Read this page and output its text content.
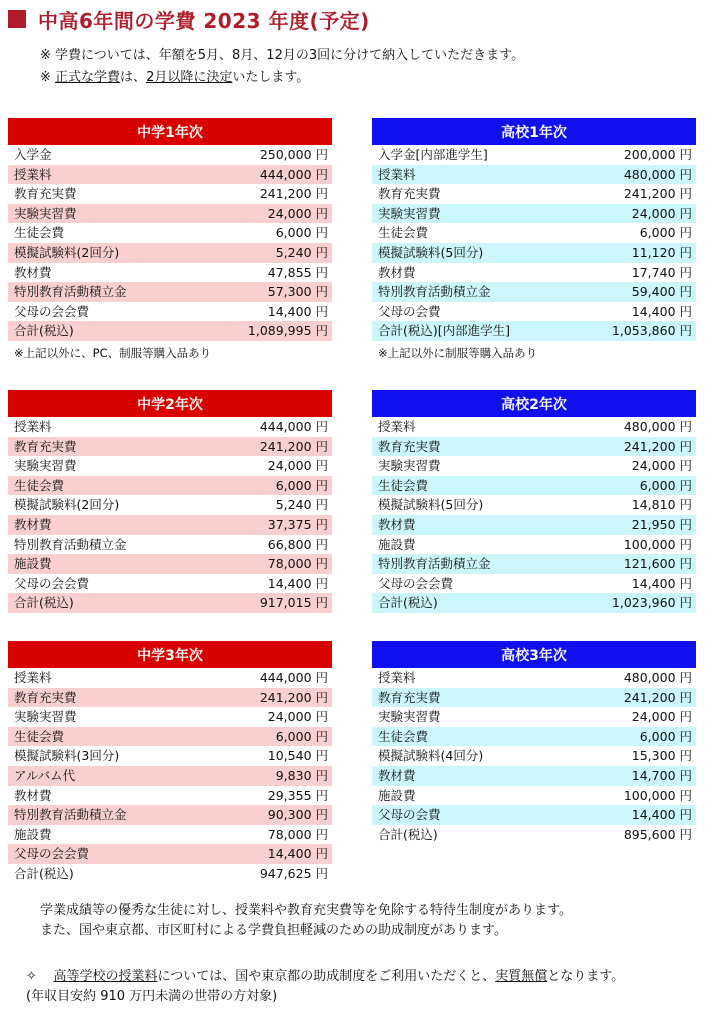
中高6年間の学費 2023 年度(予定)
※ 学費については、年額を5月、8月、12月の3回に分けて納入していただきます。
※ 正式な学費は、2月以降に決定いたします。
中学1年次	
入学金	250,000 円
授業料	444,000 円
教育充実費	241,200 円
実験実習費	24,000 円
生徒会費	6,000 円
模擬試験料(2回分)	5,240 円
教材費	47,855 円
特別教育活動積立金	57,300 円
父母の会会費	14,400 円
合計(税込)	1,089,995 円
※上記以外に、PC、制服等購入品あり
高校1年次	
入学金[内部進学生]	200,000 円
授業料	480,000 円
教育充実費	241,200 円
実験実習費	24,000 円
生徒会費	6,000 円
模擬試験料(5回分)	11,120 円
教材費	17,740 円
特別教育活動積立金	59,400 円
父母の会費	14,400 円
合計(税込)[内部進学生]	1,053,860 円
※上記以外に制服等購入品あり
中学2年次	
授業料	444,000 円
教育充実費	241,200 円
実験実習費	24,000 円
生徒会費	6,000 円
模擬試験料(2回分)	5,240 円
教材費	37,375 円
特別教育活動積立金	66,800 円
施設費	78,000 円
父母の会会費	14,400 円
合計(税込)	917,015 円
高校2年次	
授業料	480,000 円
教育充実費	241,200 円
実験実習費	24,000 円
生徒会費	6,000 円
模擬試験料(5回分)	14,810 円
教材費	21,950 円
施設費	100,000 円
特別教育活動積立金	121,600 円
父母の会会費	14,400 円
合計(税込)	1,023,960 円
中学3年次	
授業料	444,000 円
教育充実費	241,200 円
実験実習費	24,000 円
生徒会費	6,000 円
模擬試験料(3回分)	10,540 円
アルバム代	9,830 円
教材費	29,355 円
特別教育活動積立金	90,300 円
施設費	78,000 円
父母の会会費	14,400 円
合計(税込)	947,625 円
高校3年次	
授業料	480,000 円
教育充実費	241,200 円
実験実習費	24,000 円
生徒会費	6,000 円
模擬試験料(4回分)	15,300 円
教材費	14,700 円
施設費	100,000 円
父母の会費	14,400 円
合計(税込)	895,600 円
学業成績等の優秀な生徒に対し、授業料や教育充実費等を免除する特待生制度があります。
また、国や東京都、市区町村による学費負担軽減のための助成制度があります。
✧ 高等学校の授業料については、国や東京都の助成制度をご利用いただくと、実質無償となります。
(年収目安約 910 万円未満の世帯の方対象)
